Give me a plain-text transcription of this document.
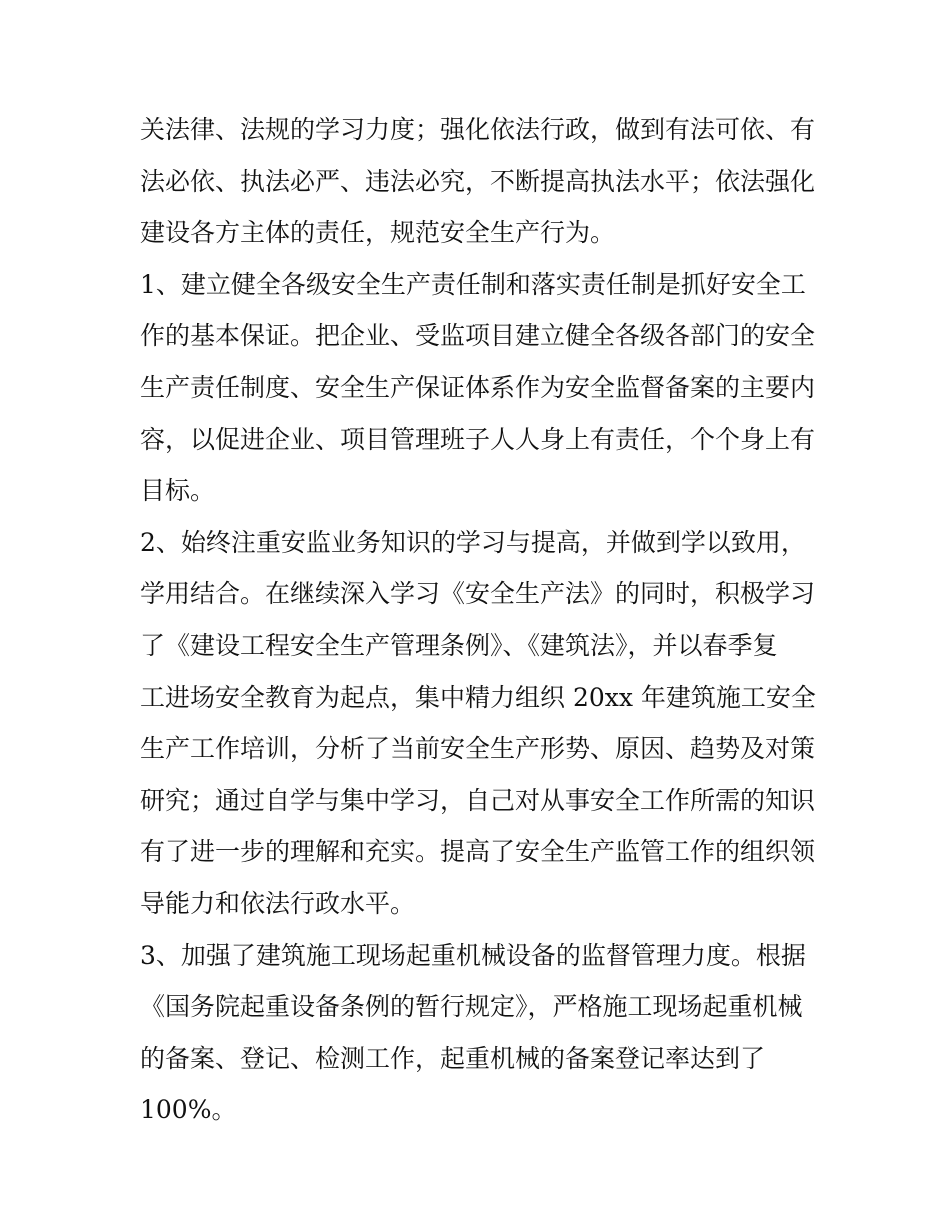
关法律、法规的学习力度；强化依法行政，做到有法可依、有
法必依、执法必严、违法必究，不断提高执法水平；依法强化
建设各方主体的责任，规范安全生产行为。
1、建立健全各级安全生产责任制和落实责任制是抓好安全工
作的基本保证。把企业、受监项目建立健全各级各部门的安全
生产责任制度、安全生产保证体系作为安全监督备案的主要内
容，以促进企业、项目管理班子人人身上有责任，个个身上有
目标。
2、始终注重安监业务知识的学习与提高，并做到学以致用，
学用结合。在继续深入学习《安全生产法》的同时，积极学习
了《建设工程安全生产管理条例》、《建筑法》，并以春季复
工进场安全教育为起点，集中精力组织 20xx 年建筑施工安全
生产工作培训，分析了当前安全生产形势、原因、趋势及对策
研究；通过自学与集中学习，自己对从事安全工作所需的知识
有了进一步的理解和充实。提高了安全生产监管工作的组织领
导能力和依法行政水平。
3、加强了建筑施工现场起重机械设备的监督管理力度。根据
《国务院起重设备条例的暂行规定》，严格施工现场起重机械
的备案、登记、检测工作，起重机械的备案登记率达到了
100%。
